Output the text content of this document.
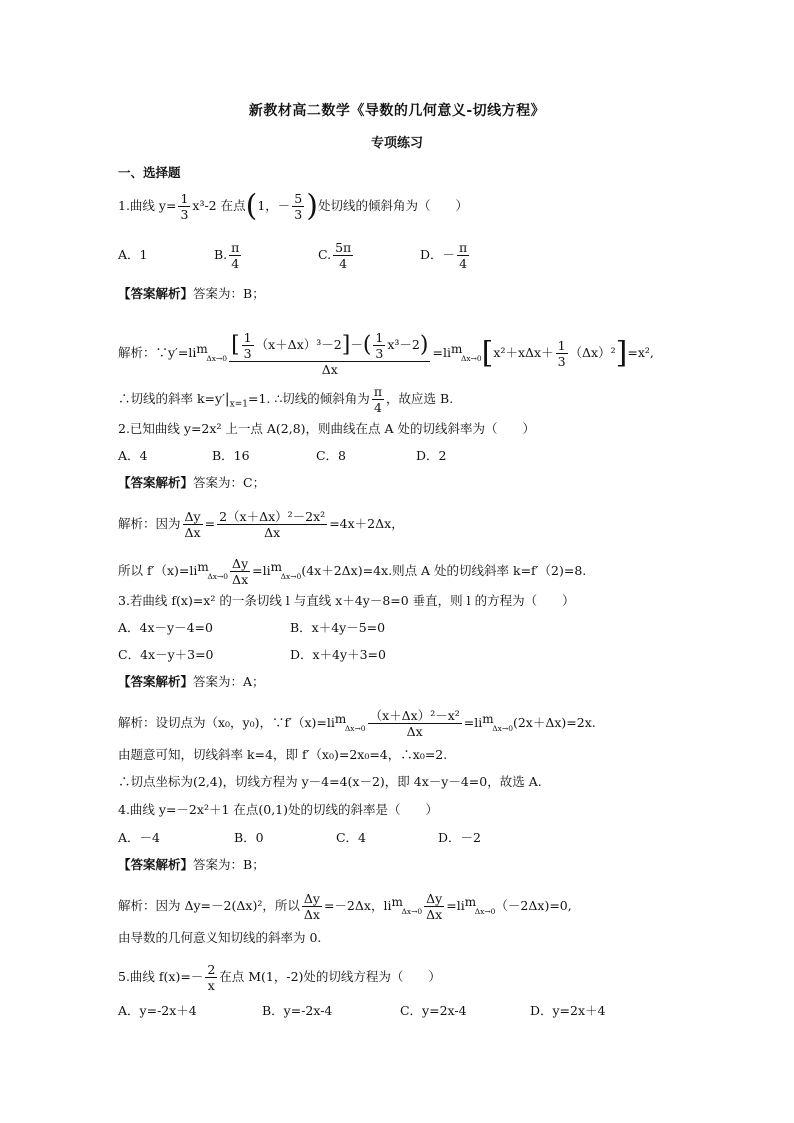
新教材高二数学《导数的几何意义-切线方程》
专项练习
一、选择题
1.曲线 $y= \frac{1}{3} x^3-2$ 在点(1，－ $\frac{5}{3}$ )处切线的倾斜角为（　　）
A．1	B. $\frac{\pi}{4}$	C. $\frac{5\pi}{4}$	D．－ $\frac{\pi}{4}$
【答案解析】答案为：B；
解析：∵y′=lim
$\Delta x\to 0 \frac{[ \frac{1}{3} (x+\Delta x)^3-2]-( \frac{1}{3} x^3-2)}{\Delta x} =\lim$
Δx→0 $[x^2+x\Delta x+ \frac{1}{3} (\Delta x)^2]=x^2$,
∴切线的斜率 $k=y'|_{x=1}=1$. ∴切线的倾斜角为 $\frac{\pi}{4}$ ，故应选 B.
2.已知曲线 y=2x² 上一点 A(2,8)，则曲线在点 A 处的切线斜率为（　　）
A．4	B．16	C．8	D．2
【答案解析】答案为：C；
解析：因为 $\frac{\Delta y}{\Delta x} = \frac{\text{2（x＋Δx）²－2x²}}{\Delta x} =4x+2\Delta x$，
所以 f′（x)=lim
$\Delta x\to 0 \frac{\Delta y}{\Delta x} =\lim$
Δx→0 (4x＋2Δx)=4x.则点 A 处的切线斜率 k=f′（2)=8.
3.若曲线 f(x)=x² 的一条切线 l 与直线 x＋4y－8=0 垂直，则 l 的方程为（　　）
A．4x－y－4=0	B．x＋4y－5=0
C．4x－y＋3=0	D．x＋4y＋3=0
【答案解析】答案为：A；
解析：设切点为（x₀，y₀)，∵f′（x)=lim
$\Delta x\to 0 \frac{\text{（x＋Δx）²－x²}}{\Delta x} =\lim$
Δx→0 (2x＋Δx)=2x.
由题意可知，切线斜率 k=4，即 f′（x₀)=2x₀=4，∴x₀=2.
∴切点坐标为(2,4)，切线方程为 y－4=4(x－2)，即 4x－y－4=0，故选 A.
4.曲线 y=－2x²＋1 在点(0,1)处的切线的斜率是（　　）
A．－4	B．0	C．4	D．－2
【答案解析】答案为：B；
解析：因为 Δy=－2(Δx)²，所以 $\frac{\Delta y}{\Delta x} =-2\Delta x$，lim
$\Delta x\to 0 \frac{\Delta y}{\Delta x} =\lim$
Δx→0 （－2Δx)=0,
由导数的几何意义知切线的斜率为 0.
5.曲线 $f(x)=- \frac{2}{x}$ 在点 M(1，-2)处的切线方程为（　　）
A．y=-2x＋4	B．y=-2x-4	C．y=2x-4	D．y=2x＋4
